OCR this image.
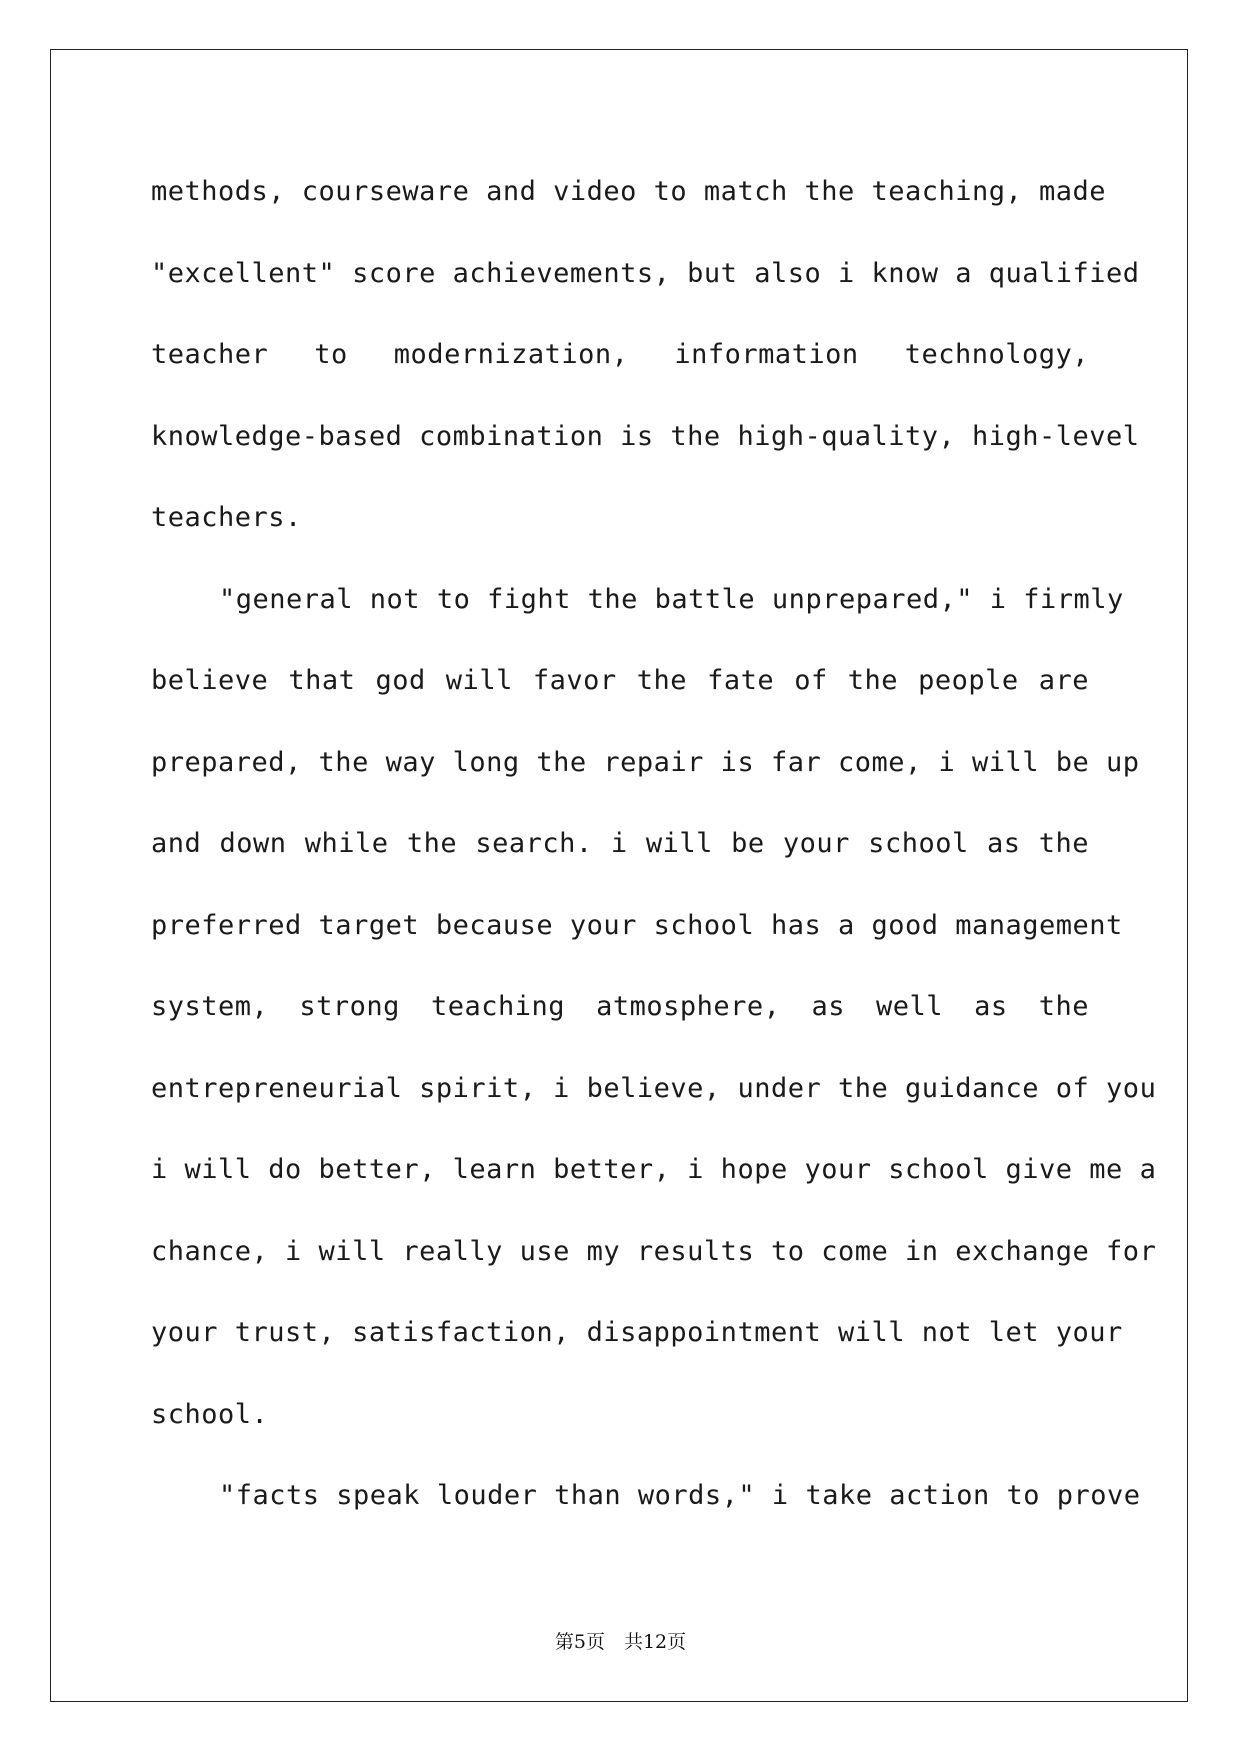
methods, courseware and video to match the teaching, made
"excellent" score achievements, but also i know a qualified
teacher to modernization, information technology,
knowledge-based combination is the high-quality, high-level
teachers.
"general not to fight the battle unprepared," i firmly
believe that god will favor the fate of the people are
prepared, the way long the repair is far come, i will be up
and down while the search. i will be your school as the
preferred target because your school has a good management
system, strong teaching atmosphere, as well as the
entrepreneurial spirit, i believe, under the guidance of you
i will do better, learn better, i hope your school give me a
chance, i will really use my results to come in exchange for
your trust, satisfaction, disappointment will not let your
school.
"facts speak louder than words," i take action to prove
第5页　共12页
